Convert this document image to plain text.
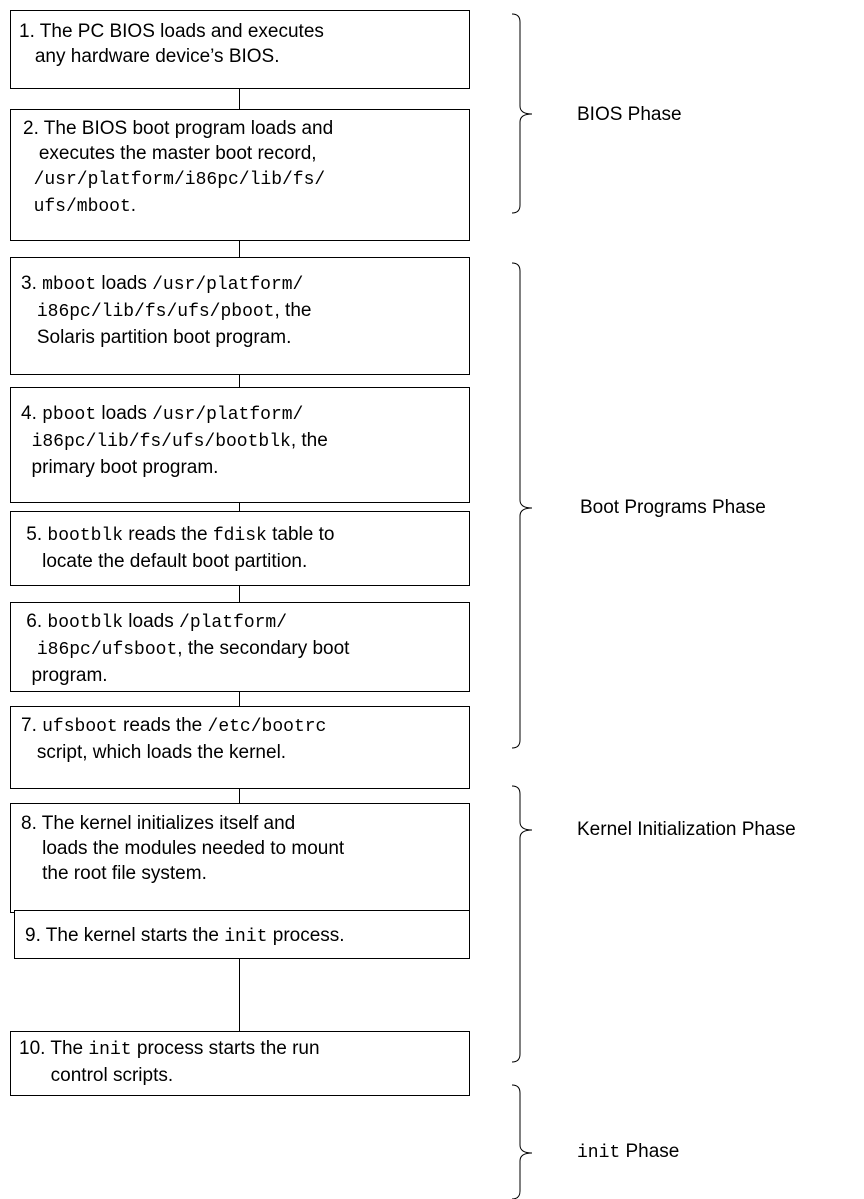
1. The PC BIOS loads and executes
any hardware device’s BIOS.
2. The BIOS boot program loads and
executes the master boot record,
/usr/platform/i86pc/lib/fs/
ufs/mboot.
3. mboot loads /usr/platform/
i86pc/lib/fs/ufs/pboot, the
Solaris partition boot program.
4. pboot loads /usr/platform/
i86pc/lib/fs/ufs/bootblk, the
primary boot program.
5. bootblk reads the fdisk table to
locate the default boot partition.
6. bootblk loads /platform/
i86pc/ufsboot, the secondary boot
program.
7. ufsboot reads the /etc/bootrc
script, which loads the kernel.
8. The kernel initializes itself and
loads the modules needed to mount
the root file system.
9. The kernel starts the init process.
10. The init process starts the run
control scripts.
BIOS Phase
Boot Programs Phase
Kernel Initialization Phase
init Phase
